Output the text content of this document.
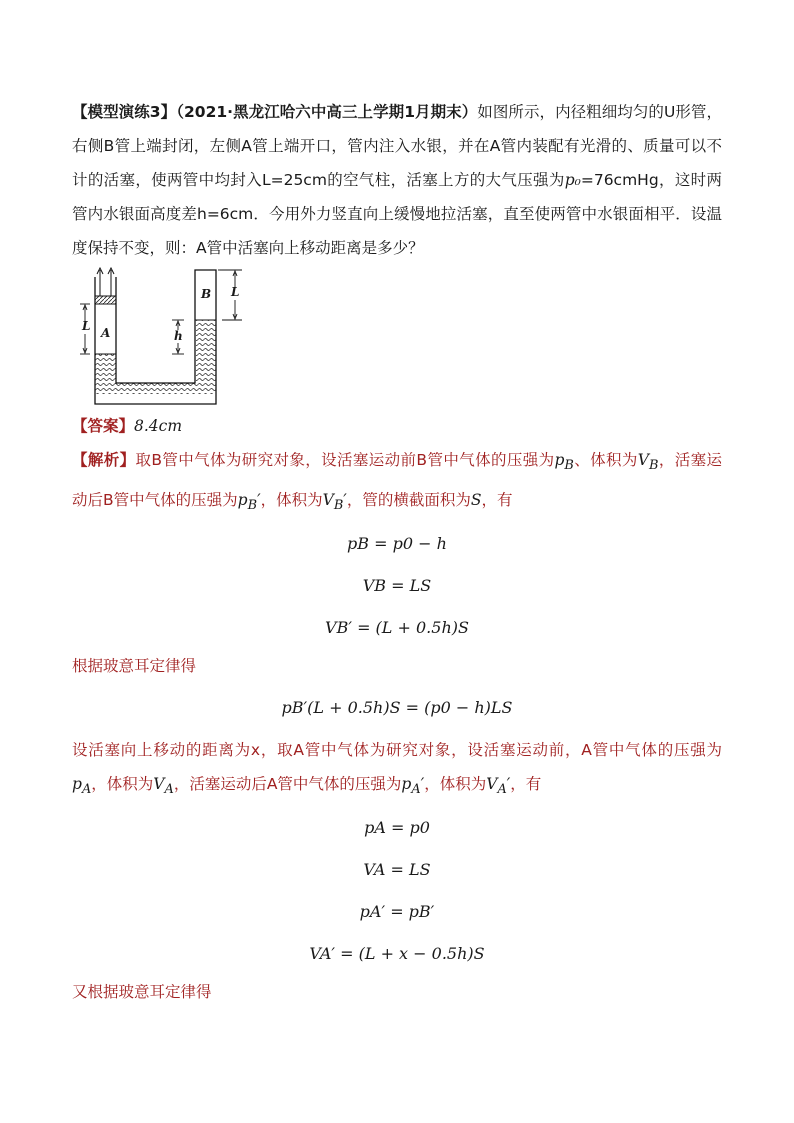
【模型演练3】（2021·黑龙江哈六中高三上学期1月期末）如图所示，内径粗细均匀的U形管，右侧B管上端封闭，左侧A管上端开口，管内注入水银，并在A管内装配有光滑的、质量可以不计的活塞，使两管中均封入L=25cm的空气柱，活塞上方的大气压强为p₀=76cmHg，这时两管内水银面高度差h=6cm．今用外力竖直向上缓慢地拉活塞，直至使两管中水银面相平．设温度保持不变，则：A管中活塞向上移动距离是多少？

L A
B
h
L
【答案】8.4cm

【解析】取B管中气体为研究对象，设活塞运动前B管中气体的压强为$p_B$、体积为$V_B$，活塞运动后B管中气体的压强为$p_B'$，体积为$V_B'$，管的横截面积为S，有

pB = p0 − h
VB = LS
VB′ = (L + 0.5h)S

根据玻意耳定律得

pB′(L + 0.5h)S = (p0 − h)LS

设活塞向上移动的距离为x，取A管中气体为研究对象，设活塞运动前，A管中气体的压强为$p_A$，体积为$V_A$，活塞运动后A管中气体的压强为$p_A'$，体积为$V_A'$，有

pA = p0
VA = LS
pA′ = pB′
VA′ = (L + x − 0.5h)S

又根据玻意耳定律得
